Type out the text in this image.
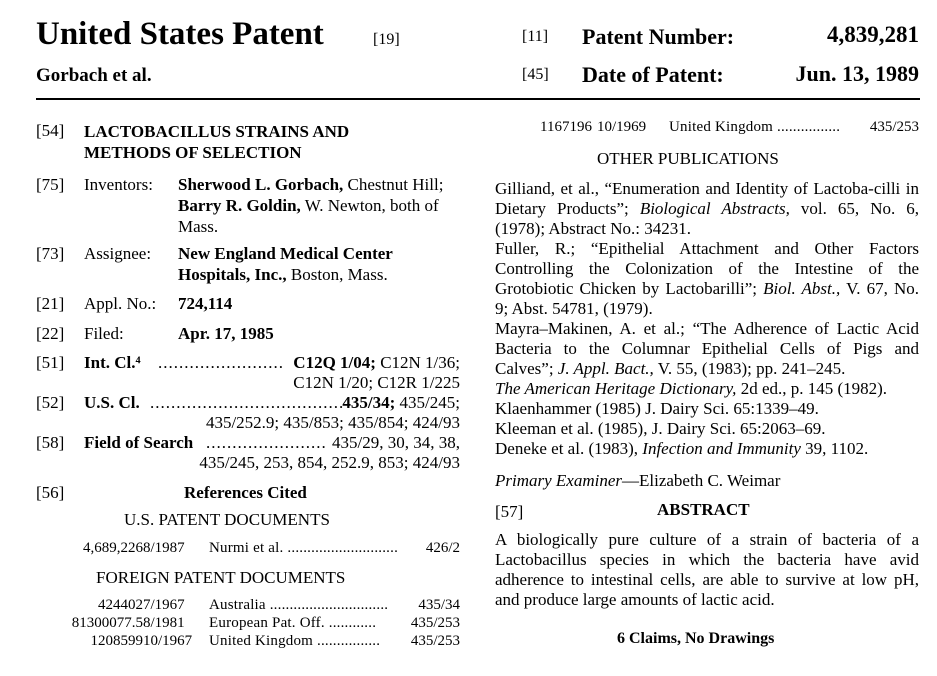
United States Patent	[19]
Gorbach et al.
[11] Patent Number:	4,839,281
[45] Date of Patent:	Jun. 13, 1989
[54] LACTOBACILLUS STRAINS AND
METHODS OF SELECTION
[75] Inventors: Sherwood L. Gorbach, Chestnut Hill;
Barry R. Goldin, W. Newton, both of
Mass.
[73] Assignee: New England Medical Center
Hospitals, Inc., Boston, Mass.
[21] Appl. No.: 724,114
[22] Filed:	Apr. 17, 1985
[51] Int. Cl.⁴ ........................ C12Q 1/04; C12N 1/36;
C12N 1/20; C12R 1/225
[52] U.S. Cl. .....................................
435/34; 435/245;
435/252.9; 435/853; 435/854; 424/93
[58] Field of Search ....................... 435/29, 30, 34, 38,
435/245, 253, 854, 252.9, 853; 424/93
[56]	References Cited
U.S. PATENT DOCUMENTS
4,689,226 8/1987 Nurmi et al. ............................ 426/2
FOREIGN PATENT DOCUMENTS
424402 7/1967 Australia .............................. 435/34
81300077.5 8/1981 European Pat. Off. ............ 435/253
1208599 10/1967 United Kingdom ................ 435/253
1167196 10/1969 United Kingdom ................ 435/253
OTHER PUBLICATIONS

Gilliand, et al., “Enumeration and Identity of Lactoba-cilli in Dietary Products”; Biological Abstracts, vol. 65, No. 6, (1978); Abstract No.: 34231.

Fuller, R.; “Epithelial Attachment and Other Factors Controlling the Colonization of the Intestine of the Grotobiotic Chicken by Lactobarilli”; Biol. Abst., V. 67, No. 9; Abst. 54781, (1979).

Mayra–Makinen, A. et al.; “The Adherence of Lactic Acid Bacteria to the Columnar Epithelial Cells of Pigs and Calves”; J. Appl. Bact., V. 55, (1983); pp. 241–245.

The American Heritage Dictionary, 2d ed., p. 145 (1982).

Klaenhammer (1985) J. Dairy Sci. 65:1339–49.

Kleeman et al. (1985), J. Dairy Sci. 65:2063–69.

Deneke et al. (1983), Infection and Immunity 39, 1102.

Primary Examiner—Elizabeth C. Weimar
[57]	ABSTRACT

A biologically pure culture of a strain of bacteria of a Lactobacillus species in which the bacteria have avid adherence to intestinal cells, are able to survive at low pH, and produce large amounts of lactic acid.

6 Claims, No Drawings
